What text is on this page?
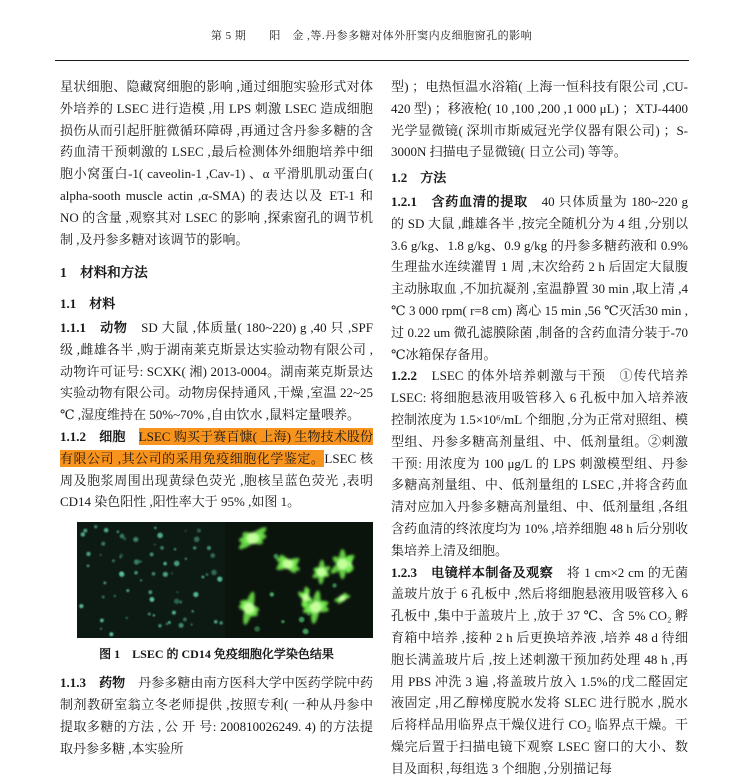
第 5 期　　阳　金 ,等.丹参多糖对体外肝窦内皮细胞窗孔的影响

星状细胞、隐藏窝细胞的影响 ,通过细胞实验形式对体外培养的 LSEC 进行造模 ,用 LPS 刺激 LSEC 造成细胞损伤从而引起肝脏微循环障碍 ,再通过含丹参多糖的含药血清干预刺激的 LSEC ,最后检测体外细胞培养中细胞小窝蛋白-1( caveolin-1 ,Cav-1) 、α 平滑肌肌动蛋白( alpha-sooth muscle actin ,α-SMA) 的表达以及 ET-1 和 NO 的含量 ,观察其对 LSEC 的影响 ,探索窗孔的调节机制 ,及丹参多糖对该调节的影响。

1　材料和方法
1.1　材料

1.1.1　动物　SD 大鼠 ,体质量( 180~220) g ,40 只 ,SPF 级 ,雌雄各半 ,购于湖南莱克斯景达实验动物有限公司 ,动物许可证号: SCXK( 湘) 2013-0004。湖南莱克斯景达实验动物有限公司。动物房保持通风 ,干燥 ,室温 22~25 ℃ ,湿度维持在 50%~70% ,自由饮水 ,鼠料定量喂养。

1.1.2　细胞　LSEC 购买于赛百慷( 上海) 生物技术股份有限公司 ,其公司的采用免疫细胞化学鉴定。LSEC 核周及胞浆周围出现黄绿色荧光 ,胞核呈蓝色荧光 ,表明 CD14 染色阳性 ,阳性率大于 95% ,如图 1。

图 1　LSEC 的 CD14 免疫细胞化学染色结果

1.1.3　药物　丹参多糖由南方医科大学中医药学院中药制剂教研室翁立冬老师提供 ,按照专利( 一种从丹参中提取多糖的方法 , 公 开 号: 200810026249. 4) 的方法提取丹参多糖 ,本实验所

型) ；电热恒温水浴箱( 上海一恒科技有限公司 ,CU-420 型) ；移液枪( 10 ,100 ,200 ,1 000 μL) ；XTJ-4400 光学显微镜( 深圳市斯威冠光学仪器有限公司) ；S-3000N 扫描电子显微镜( 日立公司) 等等。

1.2　方法

1.2.1　含药血清的提取　40 只体质量为 180~220 g 的 SD 大鼠 ,雌雄各半 ,按完全随机分为 4 组 ,分别以 3.6 g/kg、1.8 g/kg、0.9 g/kg 的丹参多糖药液和 0.9%生理盐水连续灌胃 1 周 ,末次给药 2 h 后固定大鼠腹主动脉取血 ,不加抗凝剂 ,室温静置 30 min ,取上清 ,4 ℃ 3 000 rpm( r=8 cm) 离心 15 min ,56 ℃灭活30 min ,过 0.22 um 微孔滤膜除菌 ,制备的含药血清分装于-70 ℃冰箱保存备用。

1.2.2　LSEC 的体外培养刺激与干预　①传代培养 LSEC: 将细胞悬液用吸管移入 6 孔板中加入培养液控制浓度为 1.5×10⁶/mL 个细胞 ,分为正常对照组、模型组、丹参多糖高剂量组、中、低剂量组。②刺激干预: 用浓度为 100 μg/L 的 LPS 刺激模型组、丹参多糖高剂量组、中、低剂量组的 LSEC ,并将含药血清对应加入丹参多糖高剂量组、中、低剂量组 ,各组含药血清的终浓度均为 10% ,培养细胞 48 h 后分别收集培养上清及细胞。

1.2.3　电镜样本制备及观察　将 1 cm×2 cm 的无菌盖玻片放于 6 孔板中 ,然后将细胞悬液用吸管移入 6 孔板中 ,集中于盖玻片上 ,放于 37 ℃、含 5% CO₂ 孵育箱中培养 ,接种 2 h 后更换培养液 ,培养 48 d 待细胞长满盖玻片后 ,按上述刺激干预加药处理 48 h ,再用 PBS 冲洗 3 遍 ,将盖玻片放入 1.5%的戊二醛固定液固定 ,用乙醇梯度脱水发将 SLEC 进行脱水 ,脱水后将样品用临界点干燥仪进行 CO₂ 临界点干燥。干燥完后置于扫描电镜下观察 LSEC 窗口的大小、数目及面积 ,每组选 3 个细胞 ,分别描记每
